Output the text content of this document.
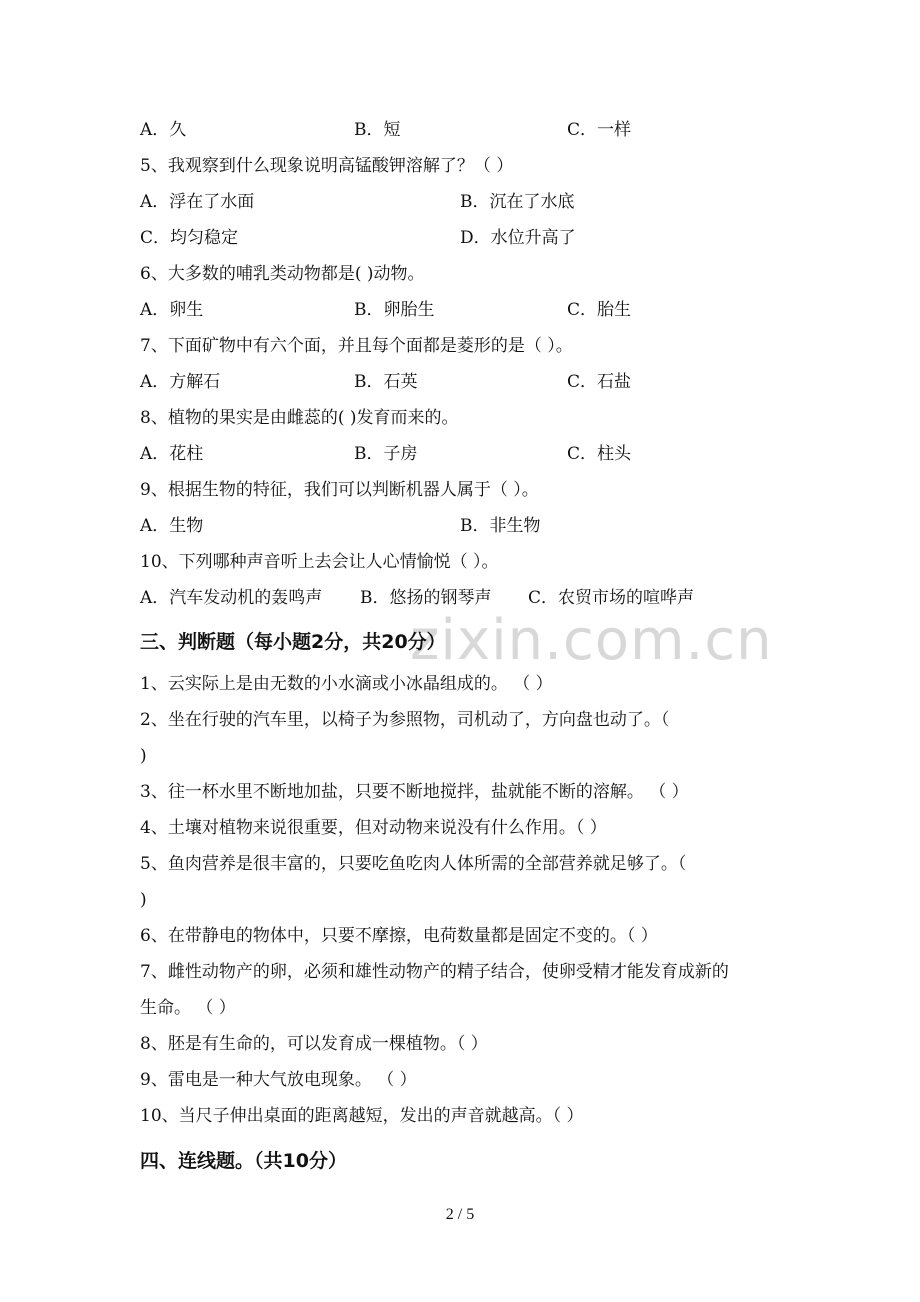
zixin.com.cn
A．久	B．短	C．一样
5、我观察到什么现象说明高锰酸钾溶解了？（ ）
A．浮在了水面	B．沉在了水底
C．均匀稳定	D．水位升高了
6、大多数的哺乳类动物都是( )动物。
A．卵生	B．卵胎生	C．胎生
7、下面矿物中有六个面，并且每个面都是菱形的是（ ）。
A．方解石	B．石英	C．石盐
8、植物的果实是由雌蕊的( )发育而来的。
A．花柱	B．子房	C．柱头
9、根据生物的特征，我们可以判断机器人属于（ ）。
A．生物	B．非生物
10、下列哪种声音听上去会让人心情愉悦（ ）。
A．汽车发动机的轰鸣声 B．悠扬的钢琴声 C．农贸市场的喧哗声
三、判断题（每小题2分，共20分）
1、云实际上是由无数的小水滴或小冰晶组成的。 （ ）
2、坐在行驶的汽车里，以椅子为参照物，司机动了，方向盘也动了。（
)
3、往一杯水里不断地加盐，只要不断地搅拌，盐就能不断的溶解。 （ ）
4、土壤对植物来说很重要，但对动物来说没有什么作用。（ ）
5、鱼肉营养是很丰富的，只要吃鱼吃肉人体所需的全部营养就足够了。（
)
6、在带静电的物体中，只要不摩擦，电荷数量都是固定不变的。（ ）
7、雌性动物产的卵，必须和雄性动物产的精子结合，使卵受精才能发育成新的
生命。 （ ）
8、胚是有生命的，可以发育成一棵植物。（ ）
9、雷电是一种大气放电现象。 （ ）
10、当尺子伸出桌面的距离越短，发出的声音就越高。（ ）
四、连线题。（共10分）
2 / 5
